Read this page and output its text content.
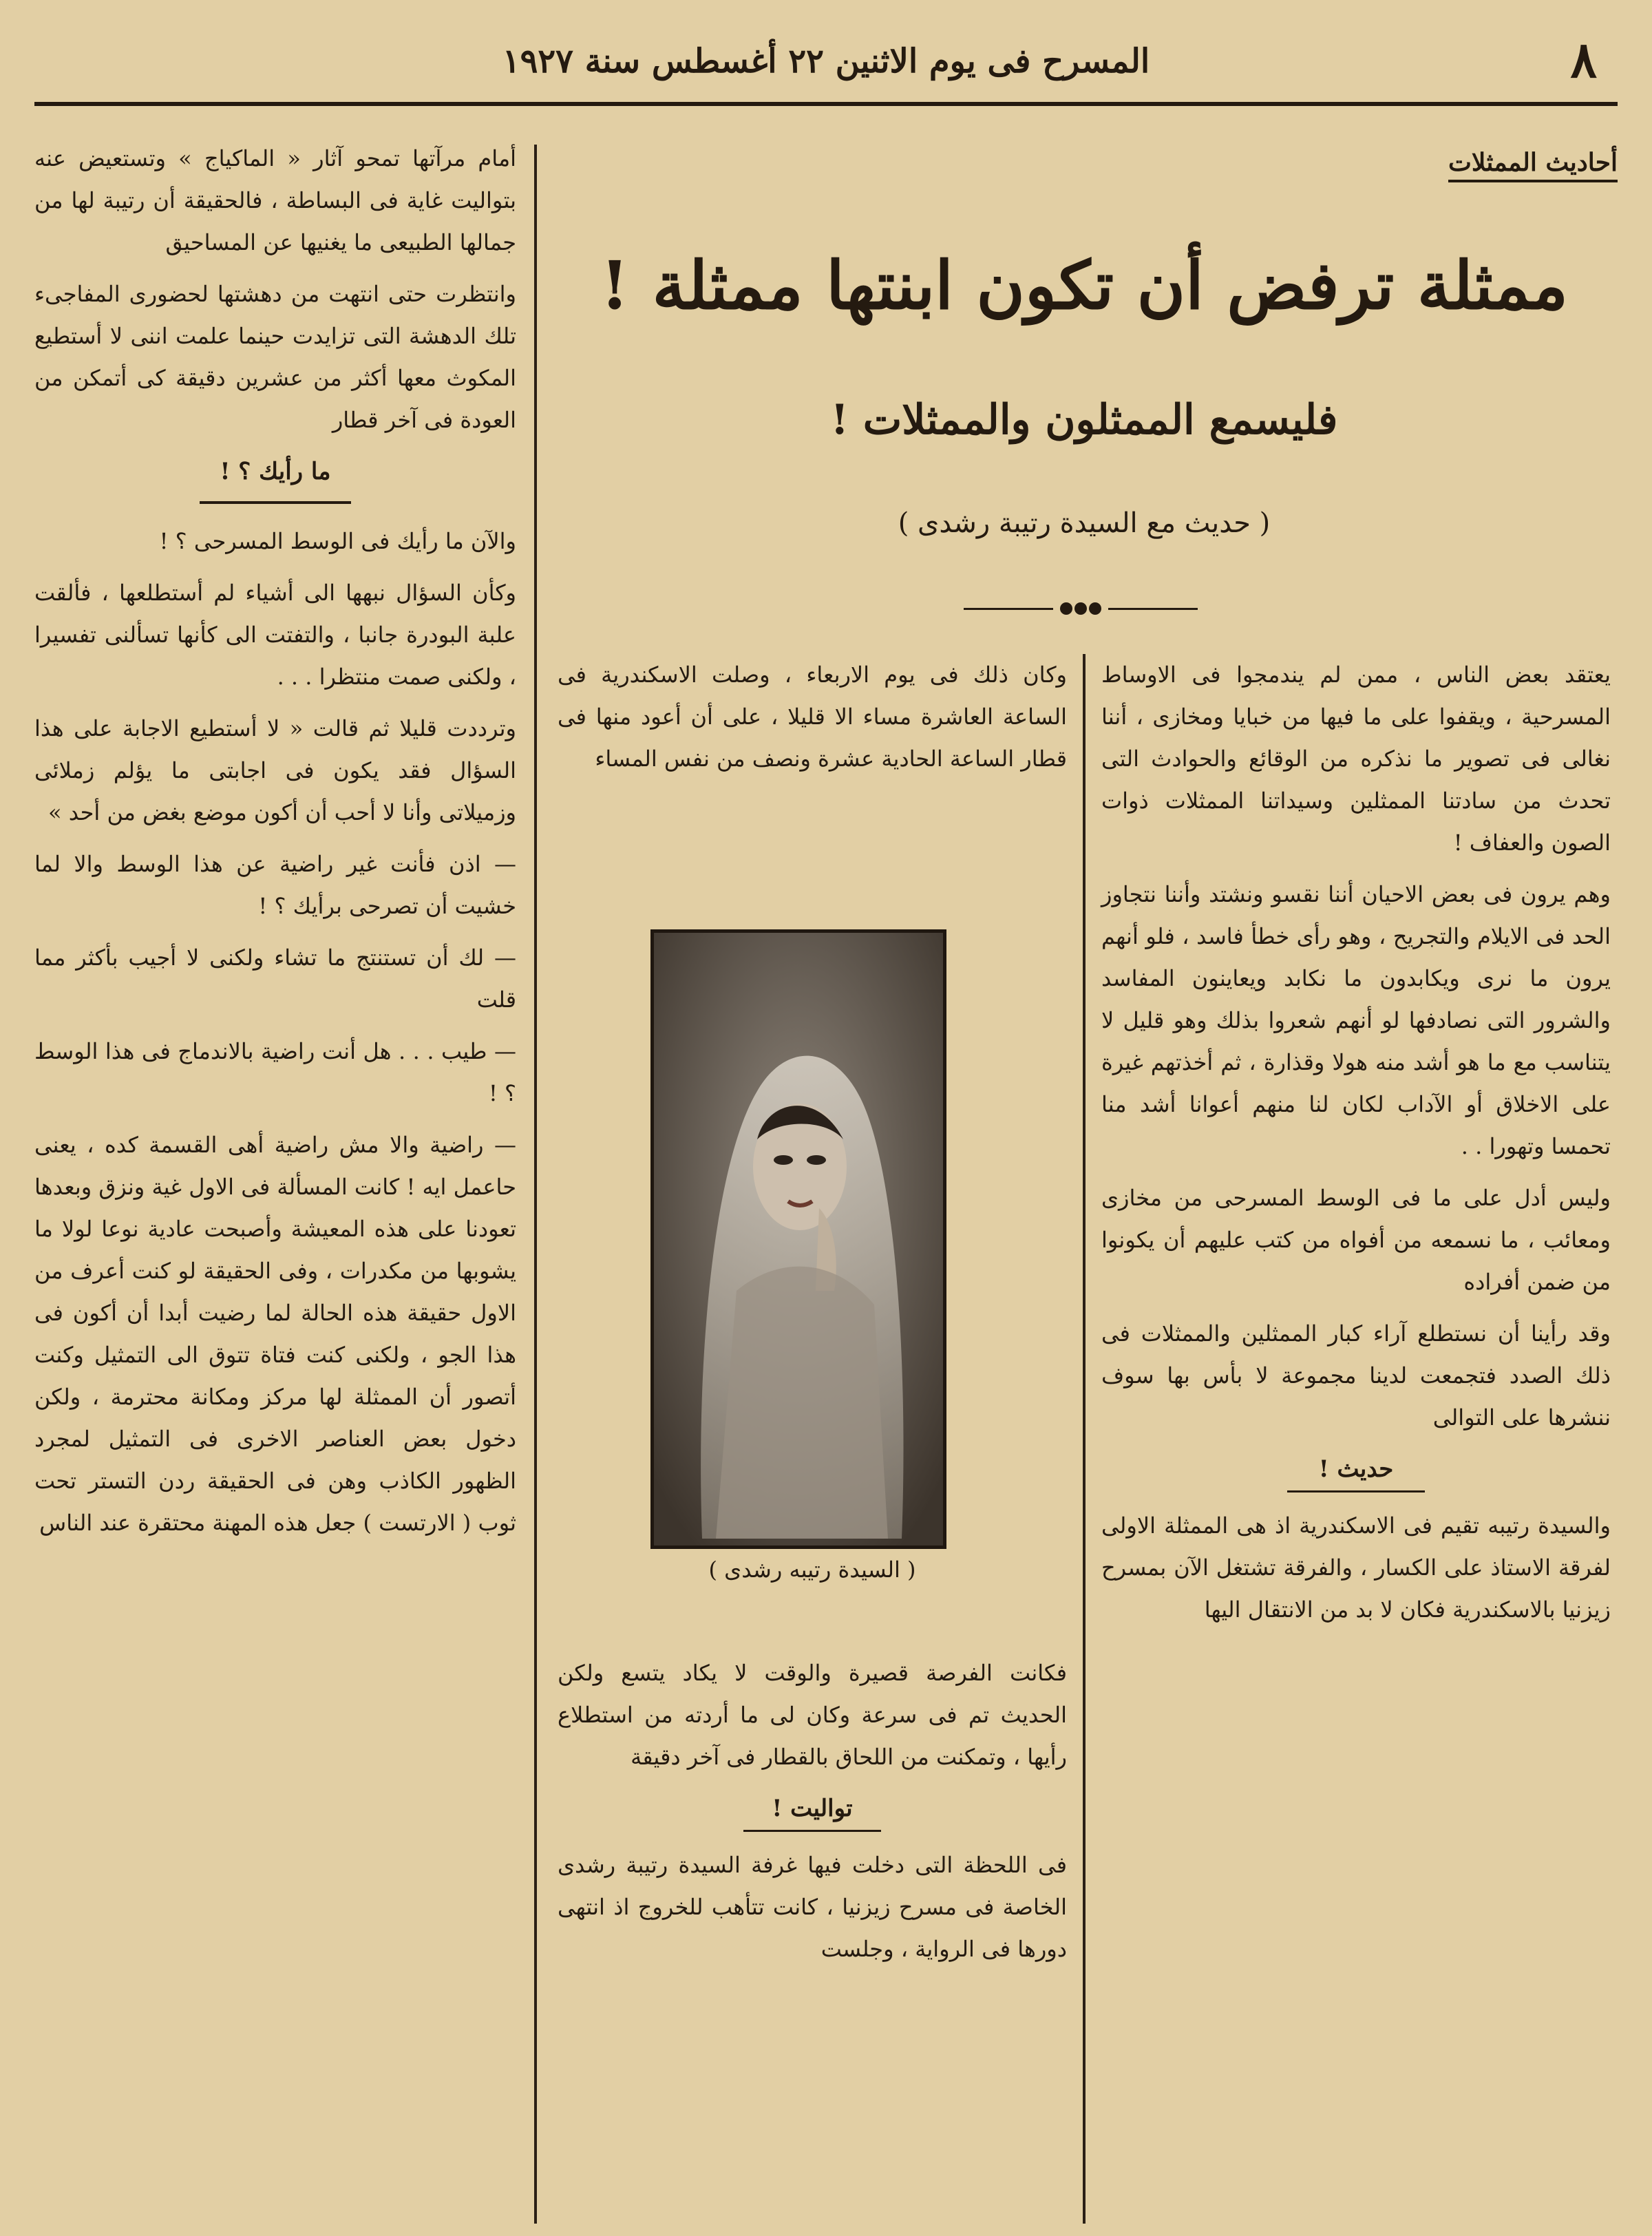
٨
المسرح فى يوم الاثنين ٢٢ أغسطس سنة ١٩٢٧
أحاديث الممثلات
ممثلة ترفض أن تكون ابنتها ممثلة !
فليسمع الممثلون والممثلات !
( حديث مع السيدة رتيبة رشدى )

يعتقد بعض الناس ، ممن لم يندمجوا فى الاوساط المسرحية ، ويقفوا على ما فيها من خبايا ومخازى ، أننا نغالى فى تصوير ما نذكره من الوقائع والحوادث التى تحدث من سادتنا الممثلين وسيداتنا الممثلات ذوات الصون والعفاف !

وهم يرون فى بعض الاحيان أننا نقسو ونشتد وأننا نتجاوز الحد فى الايلام والتجريح ، وهو رأى خطأ فاسد ، فلو أنهم يرون ما نرى ويكابدون ما نكابد ويعاينون المفاسد والشرور التى نصادفها لو أنهم شعروا بذلك وهو قليل لا يتناسب مع ما هو أشد منه هولا وقذارة ، ثم أخذتهم غيرة على الاخلاق أو الآداب لكان لنا منهم أعوانا أشد منا تحمسا وتهورا . .

وليس أدل على ما فى الوسط المسرحى من مخازى ومعائب ، ما نسمعه من أفواه من كتب عليهم أن يكونوا من ضمن أفراده

وقد رأينا أن نستطلع آراء كبار الممثلين والممثلات فى ذلك الصدد فتجمعت لدينا مجموعة لا بأس بها سوف ننشرها على التوالى

حديث !

والسيدة رتيبه تقيم فى الاسكندرية اذ هى الممثلة الاولى لفرقة الاستاذ على الكسار ، والفرقة تشتغل الآن بمسرح زيزنيا بالاسكندرية فكان لا بد من الانتقال اليها

وكان ذلك فى يوم الاربعاء ، وصلت الاسكندرية فى الساعة العاشرة مساء الا قليلا ، على أن أعود منها فى قطار الساعة الحادية عشرة ونصف من نفس المساء

( السيدة رتيبه رشدى )

فكانت الفرصة قصيرة والوقت لا يكاد يتسع ولكن الحديث تم فى سرعة وكان لى ما أردته من استطلاع رأيها ، وتمكنت من اللحاق بالقطار فى آخر دقيقة

تواليت !

فى اللحظة التى دخلت فيها غرفة السيدة رتيبة رشدى الخاصة فى مسرح زيزنيا ، كانت تتأهب للخروج اذ انتهى دورها فى الرواية ، وجلست

أمام مرآتها تمحو آثار « الماكياج » وتستعيض عنه بتواليت غاية فى البساطة ، فالحقيقة أن رتيبة لها من جمالها الطبيعى ما يغنيها عن المساحيق

وانتظرت حتى انتهت من دهشتها لحضورى المفاجىء تلك الدهشة التى تزايدت حينما علمت اننى لا أستطيع المكوث معها أكثر من عشرين دقيقة كى أتمكن من العودة فى آخر قطار

ما رأيك ؟ !

والآن ما رأيك فى الوسط المسرحى ؟ !

وكأن السؤال نبهها الى أشياء لم أستطلعها ، فألقت علبة البودرة جانبا ، والتفتت الى كأنها تسألنى تفسيرا ، ولكنى صمت منتظرا . . .

وترددت قليلا ثم قالت « لا أستطيع الاجابة على هذا السؤال فقد يكون فى اجابتى ما يؤلم زملائى وزميلاتى وأنا لا أحب أن أكون موضع بغض من أحد »

— اذن فأنت غير راضية عن هذا الوسط والا لما خشيت أن تصرحى برأيك ؟ !

— لك أن تستنتج ما تشاء ولكنى لا أجيب بأكثر مما قلت

— طيب . . . هل أنت راضية بالاندماج فى هذا الوسط ؟ !

— راضية والا مش راضية أهى القسمة كده ، يعنى حاعمل ايه ! كانت المسألة فى الاول غية ونزق وبعدها تعودنا على هذه المعيشة وأصبحت عادية نوعا لولا ما يشوبها من مكدرات ، وفى الحقيقة لو كنت أعرف من الاول حقيقة هذه الحالة لما رضيت أبدا أن أكون فى هذا الجو ، ولكنى كنت فتاة تتوق الى التمثيل وكنت أتصور أن الممثلة لها مركز ومكانة محترمة ، ولكن دخول بعض العناصر الاخرى فى التمثيل لمجرد الظهور الكاذب وهن فى الحقيقة ردن التستر تحت ثوب ( الارتست ) جعل هذه المهنة محتقرة عند الناس
